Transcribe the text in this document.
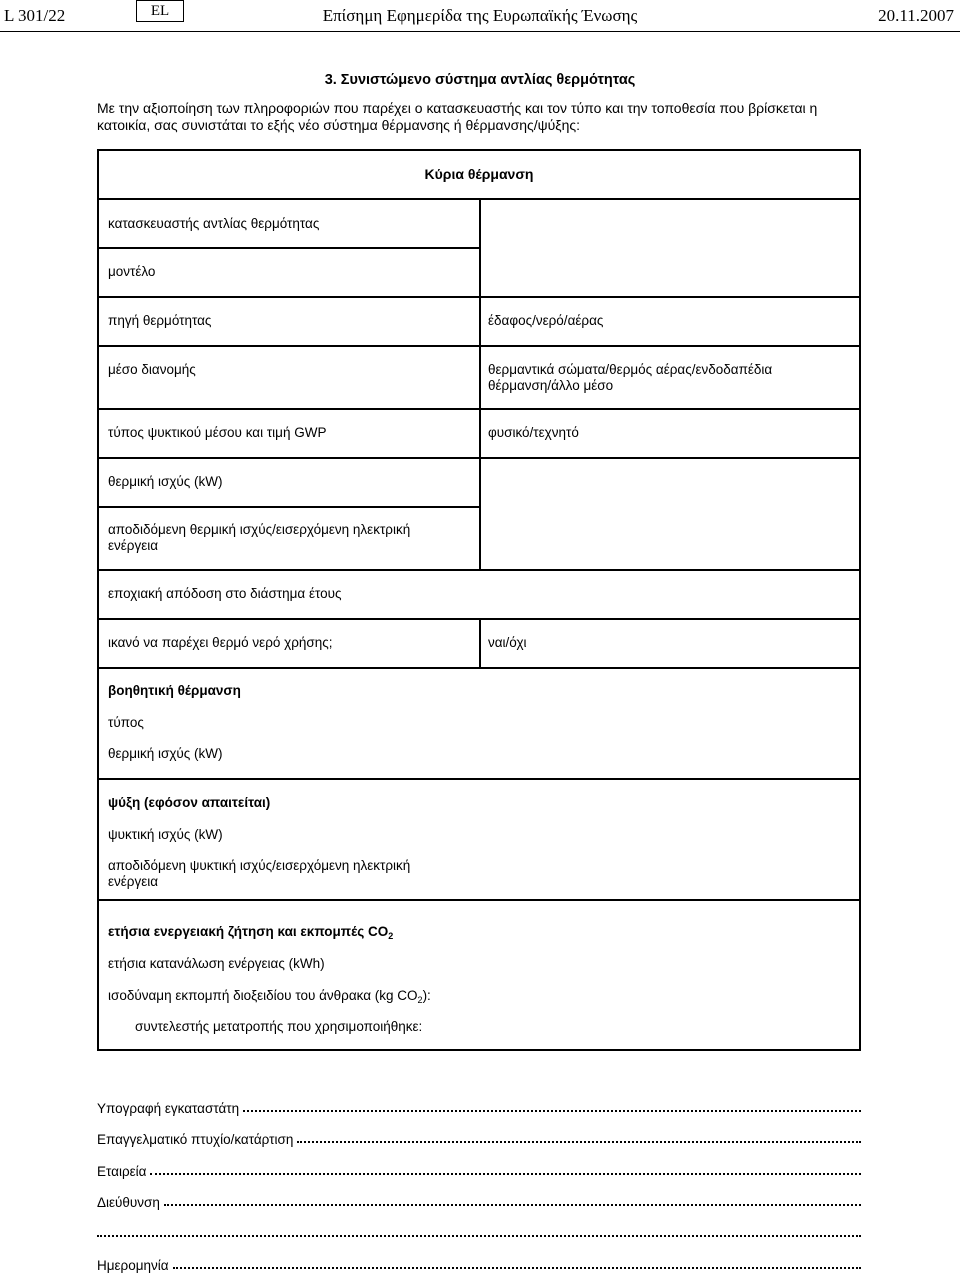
L 301/22	EL	Επίσημη Εφημερίδα της Ευρωπαϊκής Ένωσης	20.11.2007
3. Συνιστώμενο σύστημα αντλίας θερμότητας
Με την αξιοποίηση των πληροφοριών που παρέχει ο κατασκευαστής και τον τύπο και την τοποθεσία που βρίσκεται η κατοικία, σας συνιστάται το εξής νέο σύστημα θέρμανσης ή θέρμανσης/ψύξης:
Κύρια θέρμανση
κατασκευαστής αντλίας θερμότητας
μοντέλο
πηγή θερμότητας	έδαφος/νερό/αέρας
μέσο διανομής	θερμαντικά σώματα/θερμός αέρας/ενδοδαπέδια θέρμανση/άλλο μέσο
τύπος ψυκτικού μέσου και τιμή GWP	φυσικό/τεχνητό
θερμική ισχύς (kW)
αποδιδόμενη θερμική ισχύς/εισερχόμενη ηλεκτρική ενέργεια
εποχιακή απόδοση στο διάστημα έτους
ικανό να παρέχει θερμό νερό χρήσης;	ναι/όχι
βοηθητική θέρμανση
τύπος
θερμική ισχύς (kW)
ψύξη (εφόσον απαιτείται)
ψυκτική ισχύς (kW)
αποδιδόμενη ψυκτική ισχύς/εισερχόμενη ηλεκτρική ενέργεια
ετήσια ενεργειακή ζήτηση και εκπομπές $CO_2$
ετήσια κατανάλωση ενέργειας (kWh)
ισοδύναμη εκπομπή διοξειδίου του άνθρακα (kg $CO_2$):
συντελεστής μετατροπής που χρησιμοποιήθηκε:
Υπογραφή εγκαταστάτη
Επαγγελματικό πτυχίο/κατάρτιση
Εταιρεία
Διεύθυνση
Ημερομηνία
